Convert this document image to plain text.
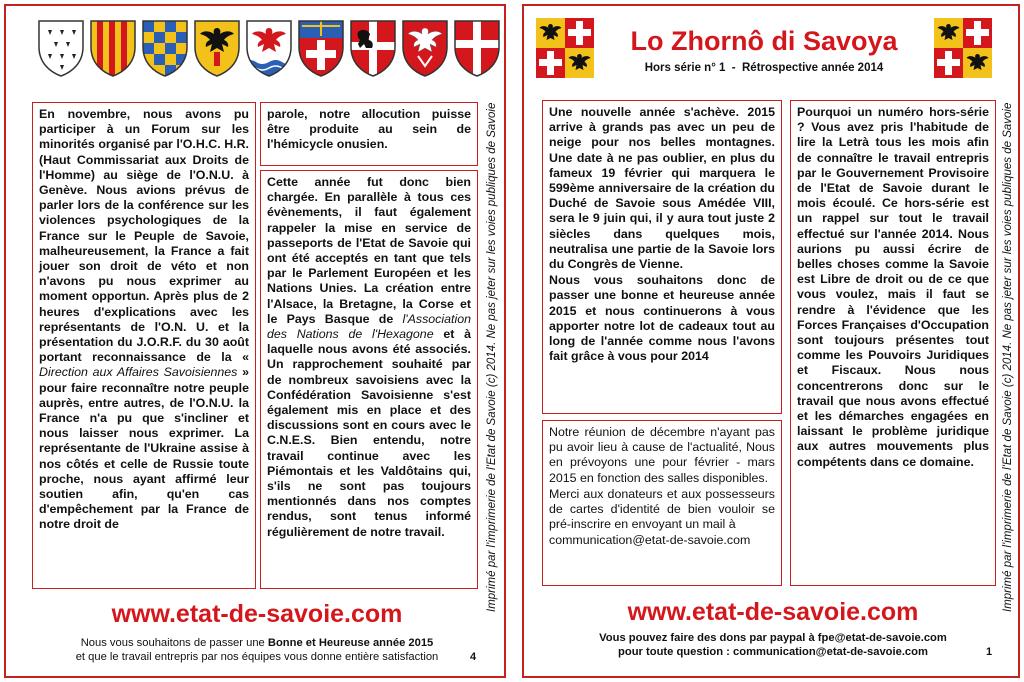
En novembre, nous avons pu participer à un Forum sur les minorités organisé par l'O.H.C. H.R. (Haut Commissariat aux Droits de l'Homme) au siège de l'O.N.U. à Genève. Nous avions prévus de parler lors de la conférence sur les violences psychologiques de la France sur le Peuple de Savoie, malheureusement, la France a fait jouer son droit de véto et non n'avons pu nous exprimer au moment opportun. Après plus de 2 heures d'explications avec les représentants de l'O.N. U. et la présentation du J.O.R.F. du 30 août portant reconnaissance de la « Direction aux Affaires Savoisiennes » pour faire reconnaître notre peuple auprès, entre autres, de l'O.N.U. la France n'a pu que s'incliner et nous laisser nous exprimer. La représentante de l'Ukraine assise à nos côtés et celle de Russie toute proche, nous ayant affirmé leur soutien afin, qu'en cas d'empêchement par la France de notre droit de

parole, notre allocution puisse être produite au sein de l'hémicycle onusien.

Cette année fut donc bien chargée. En parallèle à tous ces évènements, il faut également rappeler la mise en service de passeports de l'Etat de Savoie qui ont été acceptés en tant que tels par le Parlement Européen et les Nations Unies. La création entre l'Alsace, la Bretagne, la Corse et le Pays Basque de l'Association des Nations de l'Hexagone et à laquelle nous avons été associés. Un rapprochement souhaité par de nombreux savoisiens avec la Confédération Savoisienne s'est également mis en place et des discussions sont en cours avec le C.N.E.S. Bien entendu, notre travail continue avec les Piémontais et les Valdôtains qui, s'ils ne sont pas toujours mentionnés dans nos comptes rendus, sont tenus informé régulièrement de notre travail.

www.etat-de-savoie.com
Nous vous souhaitons de passer une Bonne et Heureuse année 2015
et que le travail entrepris par nos équipes vous donne entière satisfaction	4
Imprimé par l'imprimerie de l'Etat de Savoie (c) 2014. Ne pas jeter sur les voies publiques de Savoie
Lo Zhornô di Savoya
Hors série n° 1  -  Rétrospective année 2014

Une nouvelle année s'achève. 2015 arrive à grands pas avec un peu de neige pour nos belles montagnes. Une date à ne pas oublier, en plus du fameux 19 février qui marquera le 599ème anniversaire de la création du Duché de Savoie sous Amédée VIII, sera le 9 juin qui, il y aura tout juste 2 siècles dans quelques mois, neutralisa une partie de la Savoie lors du Congrès de Vienne.

Nous vous souhaitons donc de passer une bonne et heureuse année 2015 et nous continuerons à vous apporter notre lot de cadeaux tout au long de l'année comme nous l'avons fait grâce à vous pour 2014

Notre réunion de décembre n'ayant pas pu avoir lieu à cause de l'actualité, Nous en prévoyons une pour février - mars 2015 en fonction des salles disponibles.

Merci aux donateurs et aux possesseurs de cartes d'identité de bien vouloir se pré-inscrire en envoyant un mail à

communication@etat-de-savoie.com

Pourquoi un numéro hors-série ? Vous avez pris l'habitude de lire la Letrà tous les mois afin de connaître le travail entrepris par le Gouvernement Provisoire de l'Etat de Savoie durant le mois écoulé. Ce hors-série est un rappel sur tout le travail effectué sur l'année 2014. Nous aurions pu aussi écrire de belles choses comme la Savoie est Libre de droit ou de ce que vous voulez, mais il faut se rendre à l'évidence que les Forces Françaises d'Occupation sont toujours présentes tout comme les Pouvoirs Juridiques et Fiscaux. Nous nous concentrerons donc sur le travail que nous avons effectué et les démarches engagées en laissant le problème juridique aux autres mouvements plus compétents dans ce domaine.

www.etat-de-savoie.com
Vous pouvez faire des dons par paypal à fpe@etat-de-savoie.com
pour toute question : communication@etat-de-savoie.com	1
Imprimé par l'imprimerie de l'Etat de Savoie (c) 2014. Ne pas jeter sur les voies publiques de Savoie
